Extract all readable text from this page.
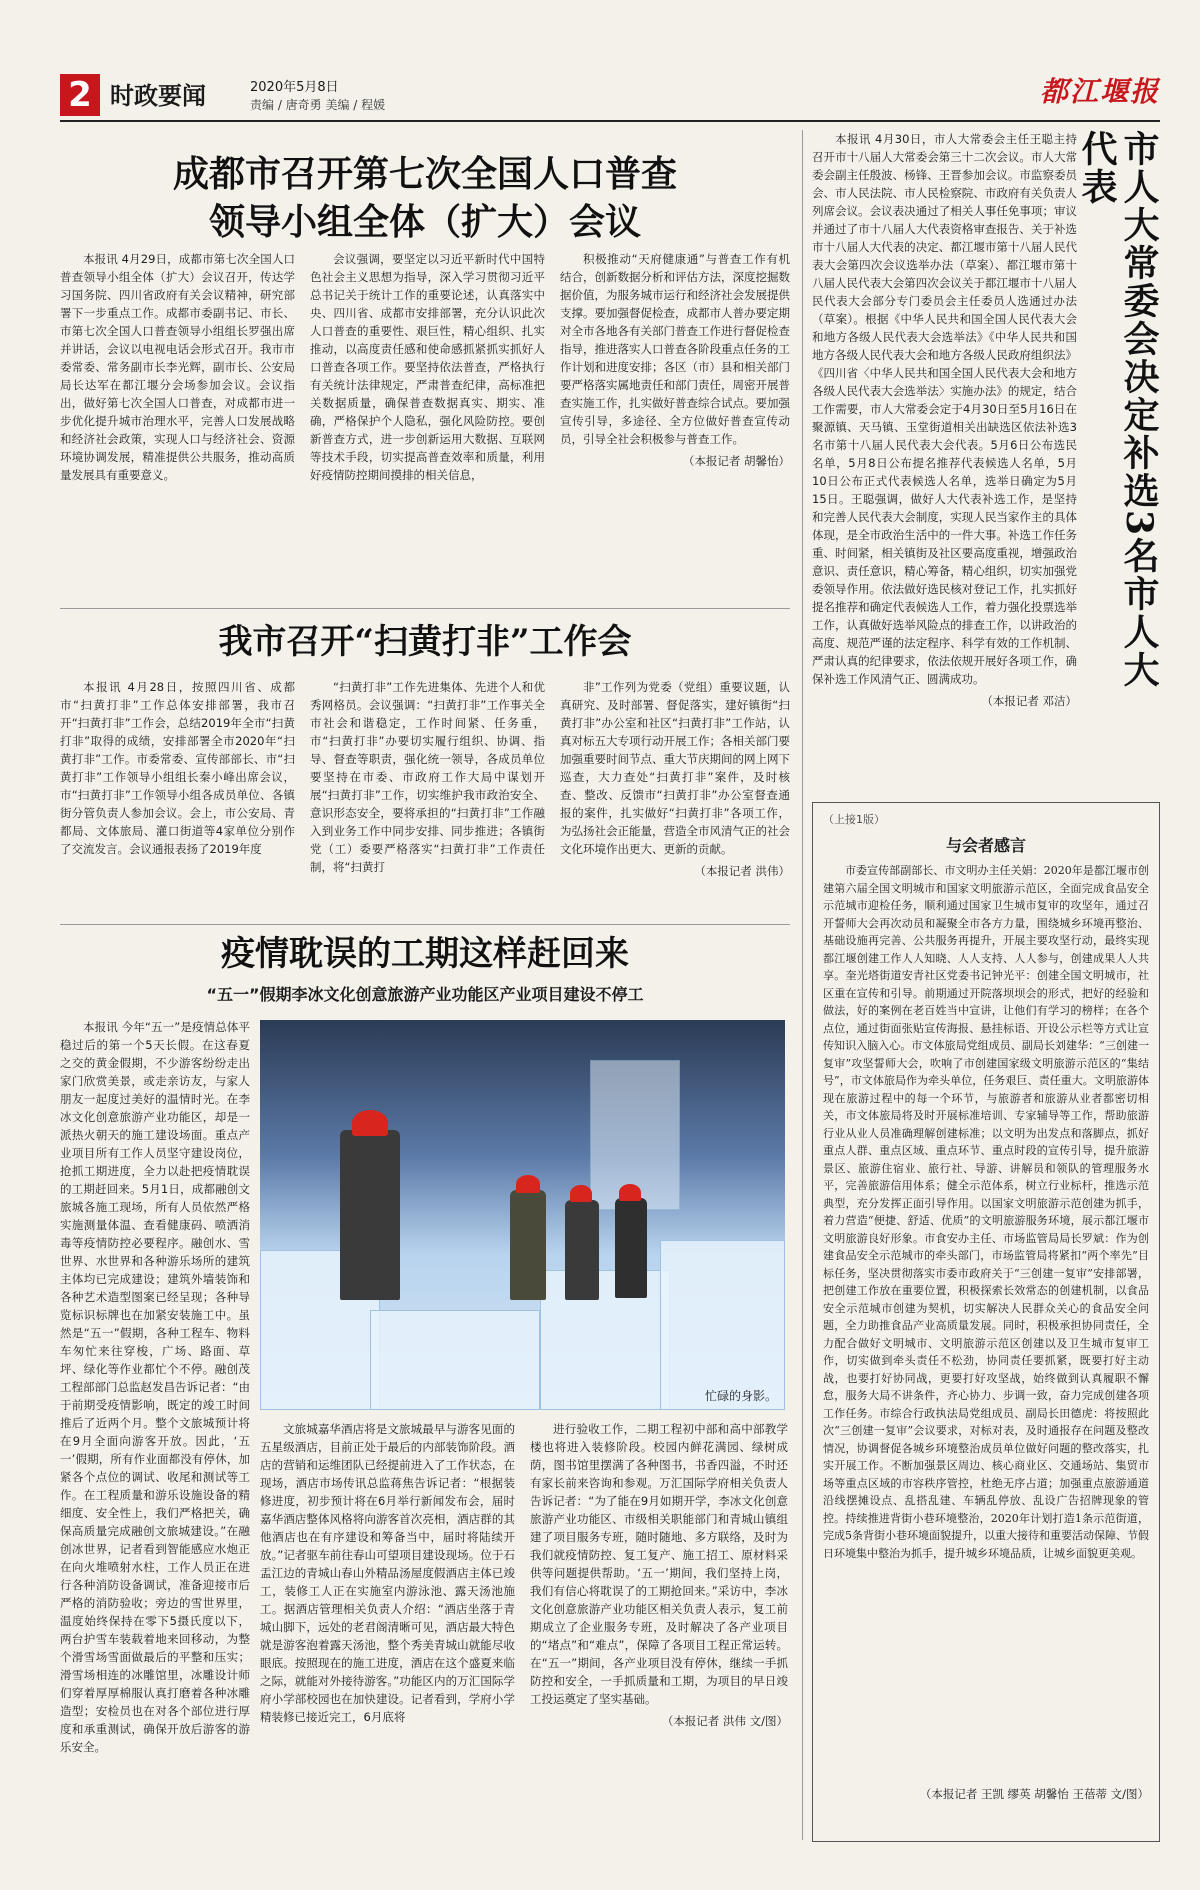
2 时政要闻	2020年5月8日
责编 / 唐奇勇 美编 / 程媛	都江堰报
成都市召开第七次全国人口普查
领导小组全体（扩大）会议

本报讯 4月29日，成都市第七次全国人口普查领导小组全体（扩大）会议召开，传达学习国务院、四川省政府有关会议精神，研究部署下一步重点工作。成都市委副书记、市长、市第七次全国人口普查领导小组组长罗强出席并讲话，会议以电视电话会形式召开。我市市委常委、常务副市长李光辉，副市长、公安局局长达军在都江堰分会场参加会议。会议指出，做好第七次全国人口普查，对成都市进一步优化提升城市治理水平，完善人口发展战略和经济社会政策，实现人口与经济社会、资源环境协调发展，精准提供公共服务，推动高质量发展具有重要意义。

会议强调，要坚定以习近平新时代中国特色社会主义思想为指导，深入学习贯彻习近平总书记关于统计工作的重要论述，认真落实中央、四川省、成都市安排部署，充分认识此次人口普查的重要性、艰巨性，精心组织、扎实推动，以高度责任感和使命感抓紧抓实抓好人口普查各项工作。要坚持依法普查，严格执行有关统计法律规定，严肃普查纪律，高标准把关数据质量，确保普查数据真实、期实、准确，严格保护个人隐私，强化风险防控。要创新普查方式，进一步创新运用大数据、互联网等技术手段，切实提高普查效率和质量，利用好疫情防控期间摸排的相关信息，

积极推动“天府健康通”与普查工作有机结合，创新数据分析和评估方法，深度挖掘数据价值，为服务城市运行和经济社会发展提供支撑。要加强督促检查，成都市人普办要定期对全市各地各有关部门普查工作进行督促检查指导，推进落实人口普查各阶段重点任务的工作计划和进度安排；各区（市）县和相关部门要严格落实属地责任和部门责任，周密开展普查实施工作，扎实做好普查综合试点。要加强宣传引导，多途径、全方位做好普查宣传动员，引导全社会积极参与普查工作。

（本报记者 胡馨怡）
我市召开“扫黄打非”工作会

本报讯 4月28日，按照四川省、成都市“扫黄打非”工作总体安排部署，我市召开“扫黄打非”工作会，总结2019年全市“扫黄打非”取得的成绩，安排部署全市2020年“扫黄打非”工作。市委常委、宣传部部长、市“扫黄打非”工作领导小组组长秦小峰出席会议，市“扫黄打非”工作领导小组各成员单位、各镇街分管负责人参加会议。会上，市公安局、青都局、文体旅局、灌口街道等4家单位分别作了交流发言。会议通报表扬了2019年度

“扫黄打非”工作先进集体、先进个人和优秀网格员。会议强调：“扫黄打非”工作事关全市社会和谐稳定，工作时间紧、任务重，市“扫黄打非”办要切实履行组织、协调、指导、督查等职责，强化统一领导，各成员单位要坚持在市委、市政府工作大局中谋划开展“扫黄打非”工作，切实维护我市政治安全、意识形态安全，要将承担的“扫黄打非”工作融入到业务工作中同步安排、同步推进；各镇街党（工）委要严格落实“扫黄打非”工作责任制，将“扫黄打

非”工作列为党委（党组）重要议题，认真研究、及时部署、督促落实，建好镇街“扫黄打非”办公室和社区“扫黄打非”工作站，认真对标五大专项行动开展工作；各相关部门要加强重要时间节点、重大节庆期间的网上网下巡查，大力查处“扫黄打非”案件，及时核查、整改、反馈市“扫黄打非”办公室督查通报的案件，扎实做好“扫黄打非”各项工作，为弘扬社会正能量，营造全市风清气正的社会文化环境作出更大、更新的贡献。

（本报记者 洪伟）
疫情耽误的工期这样赶回来
“五一”假期李冰文化创意旅游产业功能区产业项目建设不停工

本报讯 今年“五一”是疫情总体平稳过后的第一个5天长假。在这春夏之交的黄金假期，不少游客纷纷走出家门欣赏美景，或走亲访友，与家人朋友一起度过美好的温情时光。在李冰文化创意旅游产业功能区，却是一派热火朝天的施工建设场面。重点产业项目所有工作人员坚守建设岗位，抢抓工期进度，全力以赴把疫情耽误的工期赶回来。5月1日，成都融创文旅城各施工现场，所有人员依然严格实施测量体温、查看健康码、喷洒消毒等疫情防控必要程序。融创水、雪世界、水世界和各种游乐场所的建筑主体均已完成建设；建筑外墙装饰和各种艺术造型图案已经呈现；各种导览标识标牌也在加紧安装施工中。虽然是“五一”假期，各种工程车、物料车匆忙来往穿梭，广场、路面、草坪、绿化等作业都忙个不停。融创茂工程部部门总监赵发昌告诉记者：“由于前期受疫情影响，既定的竣工时间推后了近两个月。整个文旅城预计将在9月全面向游客开放。因此，‘五一’假期，所有作业面都没有停休，加紧各个点位的调试、收尾和测试等工作。在工程质量和游乐设施设备的精细度、安全性上，我们严格把关，确保高质量完成融创文旅城建设。”在融创冰世界，记者看到智能感应水炮正在向火堆喷射水柱，工作人员正在进行各种消防设备调试，准备迎接市后严格的消防验收；旁边的雪世界里，温度始终保持在零下5摄氏度以下，两台护雪车装载着地来回移动，为整个滑雪场雪面做最后的平整和压实；滑雪场相连的冰雕馆里，冰雕设计师们穿着厚厚棉服认真打磨着各种冰雕造型；安检员也在对各个部位进行厚度和承重测试，确保开放后游客的游乐安全。

忙碌的身影。

文旅城嘉华酒店将是文旅城最早与游客见面的五星级酒店，目前正处于最后的内部装饰阶段。酒店的营销和运维团队已经提前进入了工作状态，在现场，酒店市场传讯总监蒋焦告诉记者：“根据装修进度，初步预计将在6月举行新闻发布会，届时嘉华酒店整体风格将向游客首次亮相，酒店群的其他酒店也在有序建设和筹备当中，届时将陆续开放。”记者驱车前往春山可望项目建设现场。位于石盂江边的青城山春山外精品汤屋度假酒店主体已竣工，装修工人正在实施室内游泳池、露天汤池施工。据酒店管理相关负责人介绍：“酒店坐落于青城山脚下，远处的老君阁清晰可见，酒店最大特色就是游客泡着露天汤池，整个秀美青城山就能尽收眼底。按照现在的施工进度，酒店在这个盛夏来临之际，就能对外接待游客。”功能区内的万汇国际学府小学部校园也在加快建设。记者看到，学府小学精装修已接近完工，6月底将

进行验收工作，二期工程初中部和高中部教学楼也将进入装修阶段。校园内鲜花满园、绿树成荫，图书馆里摆满了各种图书，书香四溢，不时还有家长前来咨询和参观。万汇国际学府相关负责人告诉记者：“为了能在9月如期开学，李冰文化创意旅游产业功能区、市级相关职能部门和青城山镇组建了项目服务专班，随时随地、多方联络，及时为我们就疫情防控、复工复产、施工招工、原材料采供等问题提供帮助。‘五一’期间，我们坚持上岗，我们有信心将耽误了的工期抢回来。”采访中，李冰文化创意旅游产业功能区相关负责人表示，复工前期成立了企业服务专班，及时解决了各产业项目的“堵点”和“难点”，保障了各项目工程正常运转。在“五一”期间，各产业项目没有停休，继续一手抓防控和安全，一手抓质量和工期，为项目的早日竣工投运奠定了坚实基础。

（本报记者 洪伟 文/图）

本报讯 4月30日，市人大常委会主任王聪主持召开市十八届人大常委会第三十二次会议。市人大常委会副主任殷波、杨锋、王晋参加会议。市监察委员会、市人民法院、市人民检察院、市政府有关负责人列席会议。会议表决通过了相关人事任免事项；审议并通过了市十八届人大代表资格审查报告、关于补选市十八届人大代表的决定、都江堰市第十八届人民代表大会第四次会议选举办法（草案）、都江堰市第十八届人民代表大会第四次会议关于都江堰市十八届人民代表大会部分专门委员会主任委员人选通过办法（草案）。根据《中华人民共和国全国人民代表大会和地方各级人民代表大会选举法》《中华人民共和国地方各级人民代表大会和地方各级人民政府组织法》《四川省〈中华人民共和国全国人民代表大会和地方各级人民代表大会选举法〉实施办法》的规定，结合工作需要，市人大常委会定于4月30日至5月16日在聚源镇、天马镇、玉堂街道相关出缺选区依法补选3名市第十八届人民代表大会代表。5月6日公布选民名单，5月8日公布提名推荐代表候选人名单，5月10日公布正式代表候选人名单，选举日确定为5月15日。王聪强调，做好人大代表补选工作，是坚持和完善人民代表大会制度，实现人民当家作主的具体体现，是全市政治生活中的一件大事。补选工作任务重、时间紧，相关镇街及社区要高度重视，增强政治意识、责任意识，精心筹备，精心组织，切实加强党委领导作用。依法做好选民核对登记工作，扎实抓好提名推荐和确定代表候选人工作，着力强化投票选举工作，认真做好选举风险点的排查工作，以讲政治的高度、规范严谨的法定程序、科学有效的工作机制、严肃认真的纪律要求，依法依规开展好各项工作，确保补选工作风清气正、圆满成功。

（本报记者 邓洁）
市人大常委会决定补选3名市人大代表
（上接1版）
与会者感言

市委宣传部副部长、市文明办主任关娟：2020年是都江堰市创建第六届全国文明城市和国家文明旅游示范区，全面完成食品安全示范城市迎检任务，顺利通过国家卫生城市复审的攻坚年，通过召开誓师大会再次动员和凝聚全市各方力量，围绕城乡环境再整治、基础设施再完善、公共服务再提升，开展主要攻坚行动，最终实现都江堰创建工作人人知晓、人人支持、人人参与，创建成果人人共享。奎光塔街道安青社区党委书记钟光平：创建全国文明城市，社区重在宣传和引导。前期通过开院落坝坝会的形式，把好的经验和做法，好的案例在老百姓当中宣讲，让他们有学习的榜样；在各个点位，通过街面张贴宣传海报、悬挂标语、开设公示栏等方式让宣传知识入脑入心。市文体旅局党组成员、副局长刘建华：“三创建一复审”攻坚誓师大会，吹响了市创建国家级文明旅游示范区的“集结号”，市文体旅局作为牵头单位，任务艰巨、责任重大。文明旅游体现在旅游过程中的每一个环节，与旅游者和旅游从业者都密切相关，市文体旅局将及时开展标准培训、专家辅导等工作，帮助旅游行业从业人员准确理解创建标准；以文明为出发点和落脚点，抓好重点人群、重点区域、重点环节、重点时段的宣传引导，提升旅游景区、旅游住宿业、旅行社、导游、讲解员和领队的管理服务水平，完善旅游信用体系；健全示范体系，树立行业标杆，推选示范典型，充分发挥正面引导作用。以国家文明旅游示范创建为抓手，着力营造“便捷、舒适、优质”的文明旅游服务环境，展示都江堰市文明旅游良好形象。市食安办主任、市场监管局局长罗斌：作为创建食品安全示范城市的牵头部门，市场监管局将紧扣“两个率先”目标任务，坚决贯彻落实市委市政府关于“三创建一复审”安排部署，把创建工作放在重要位置，积极探索长效常态的创建机制，以食品安全示范城市创建为契机，切实解决人民群众关心的食品安全问题，全力助推食品产业高质量发展。同时，积极承担协同责任，全力配合做好文明城市、文明旅游示范区创建以及卫生城市复审工作，切实做到牵头责任不松劲，协同责任要抓紧，既要打好主动战，也要打好协同战，更要打好攻坚战，始终做到认真履职不懈怠，服务大局不讲条件，齐心协力、步调一致，奋力完成创建各项工作任务。市综合行政执法局党组成员、副局长田德虎：将按照此次“三创建一复审”会议要求，对标对表，及时通报存在问题及整改情况，协调督促各城乡环境整治成员单位做好问题的整改落实，扎实开展工作。不断加强景区周边、核心商业区、交通场站、集贸市场等重点区域的市容秩序管控，杜绝无序占道；加强重点旅游通道沿线摆摊设点、乱搭乱建、车辆乱停放、乱设广告招牌现象的管控。持续推进背街小巷环境整治，2020年计划打造1条示范街道，完成5条背街小巷环境面貌提升，以重大接待和重要活动保障、节假日环境集中整治为抓手，提升城乡环境品质，让城乡面貌更美观。

（本报记者 王凯 缪英 胡馨怡 王蓓蒂 文/图）
